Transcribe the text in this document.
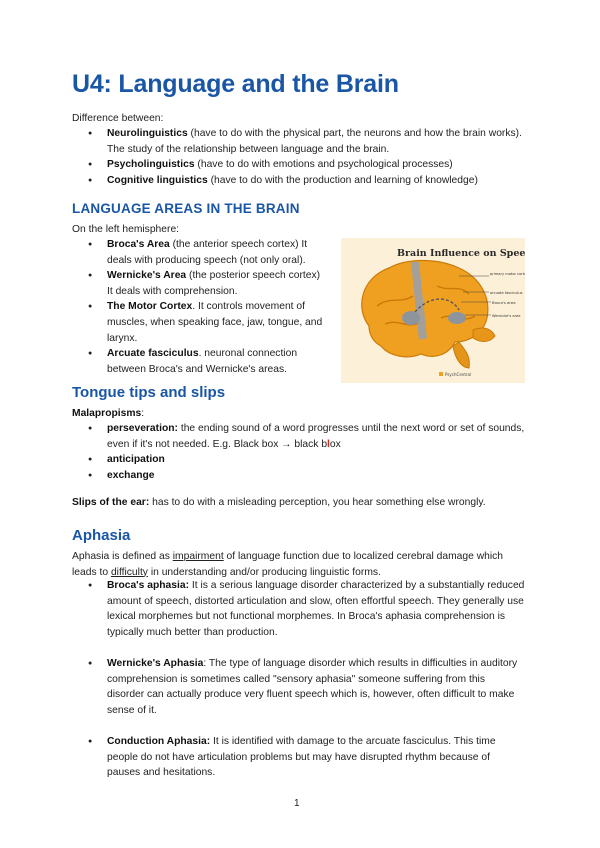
U4: Language and the Brain

Difference between:

● Neurolinguistics (have to do with the physical part, the neurons and how the brain works). The study of the relationship between language and the brain.
● Psycholinguistics (have to do with emotions and psychological processes)
● Cognitive linguistics (have to do with the production and learning of knowledge)
LANGUAGE AREAS IN THE BRAIN

On the left hemisphere:

● Broca's Area (the anterior speech cortex) It deals with producing speech (not only oral).
● Wernicke's Area (the posterior speech cortex) It deals with comprehension.
● The Motor Cortex. It controls movement of muscles, when speaking face, jaw, tongue, and larynx.
● Arcuate fasciculus. neuronal connection between Broca's and Wernicke's areas.
Brain Influence on Speech
primary motor cortex
arcuate fasciculus
Broca's area
Wernicke's area
PsychCentral
Tongue tips and slips

Malapropisms:

● perseveration: the ending sound of a word progresses until the next word or set of sounds, even if it's not needed. E.g. Black box → black blox
● anticipation
● exchange

Slips of the ear: has to do with a misleading perception, you hear something else wrongly.

Aphasia

Aphasia is defined as impairment of language function due to localized cerebral damage which leads to difficulty in understanding and/or producing linguistic forms.

● Broca's aphasia: It is a serious language disorder characterized by a substantially reduced amount of speech, distorted articulation and slow, often effortful speech. They generally use lexical morphemes but not functional morphemes. In Broca's aphasia comprehension is typically much better than production.
● Wernicke's Aphasia: The type of language disorder which results in difficulties in auditory comprehension is sometimes called "sensory aphasia" someone suffering from this disorder can actually produce very fluent speech which is, however, often difficult to make sense of it.
● Conduction Aphasia: It is identified with damage to the arcuate fasciculus. This time people do not have articulation problems but may have disrupted rhythm because of pauses and hesitations.
1
